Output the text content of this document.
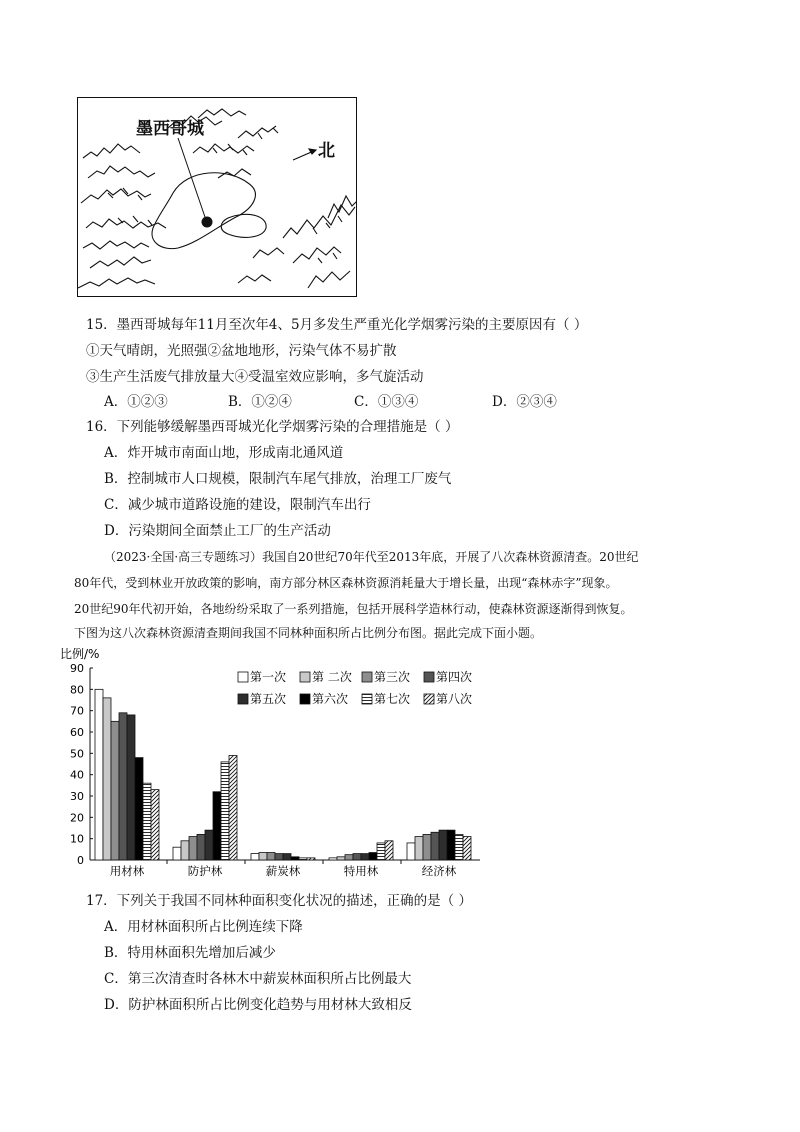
墨西哥城
北
15．墨西哥城每年11月至次年4、5月多发生严重光化学烟雾污染的主要原因有（ ）
①天气晴朗，光照强②盆地地形，污染气体不易扩散
③生产生活废气排放量大④受温室效应影响，多气旋活动
A．①②③	B．①②④	C．①③④	D．②③④
16．下列能够缓解墨西哥城光化学烟雾污染的合理措施是（ ）
A．炸开城市南面山地，形成南北通风道
B．控制城市人口规模，限制汽车尾气排放，治理工厂废气
C．减少城市道路设施的建设，限制汽车出行
D．污染期间全面禁止工厂的生产活动
（2023·全国·高三专题练习）我国自20世纪70年代至2013年底，开展了八次森林资源清查。20世纪
80年代，受到林业开放政策的影响，南方部分林区森林资源消耗量大于增长量，出现“森林赤字”现象。
20世纪90年代初开始，各地纷纷采取了一系列措施，包括开展科学造林行动，使森林资源逐渐得到恢复。
下图为这八次森林资源清查期间我国不同林种面积所占比例分布图。据此完成下面小题。
比例/%
0
10
20
30
40
50
60
70
80
90
用材林	防护林	薪炭林	特用林	经济林
第一次 第 二次 第三次 第四次
第五次 第六次 第七次 第八次
17．下列关于我国不同林种面积变化状况的描述，正确的是（ ）
A．用材林面积所占比例连续下降
B．特用林面积先增加后减少
C．第三次清查时各林木中薪炭林面积所占比例最大
D．防护林面积所占比例变化趋势与用材林大致相反
